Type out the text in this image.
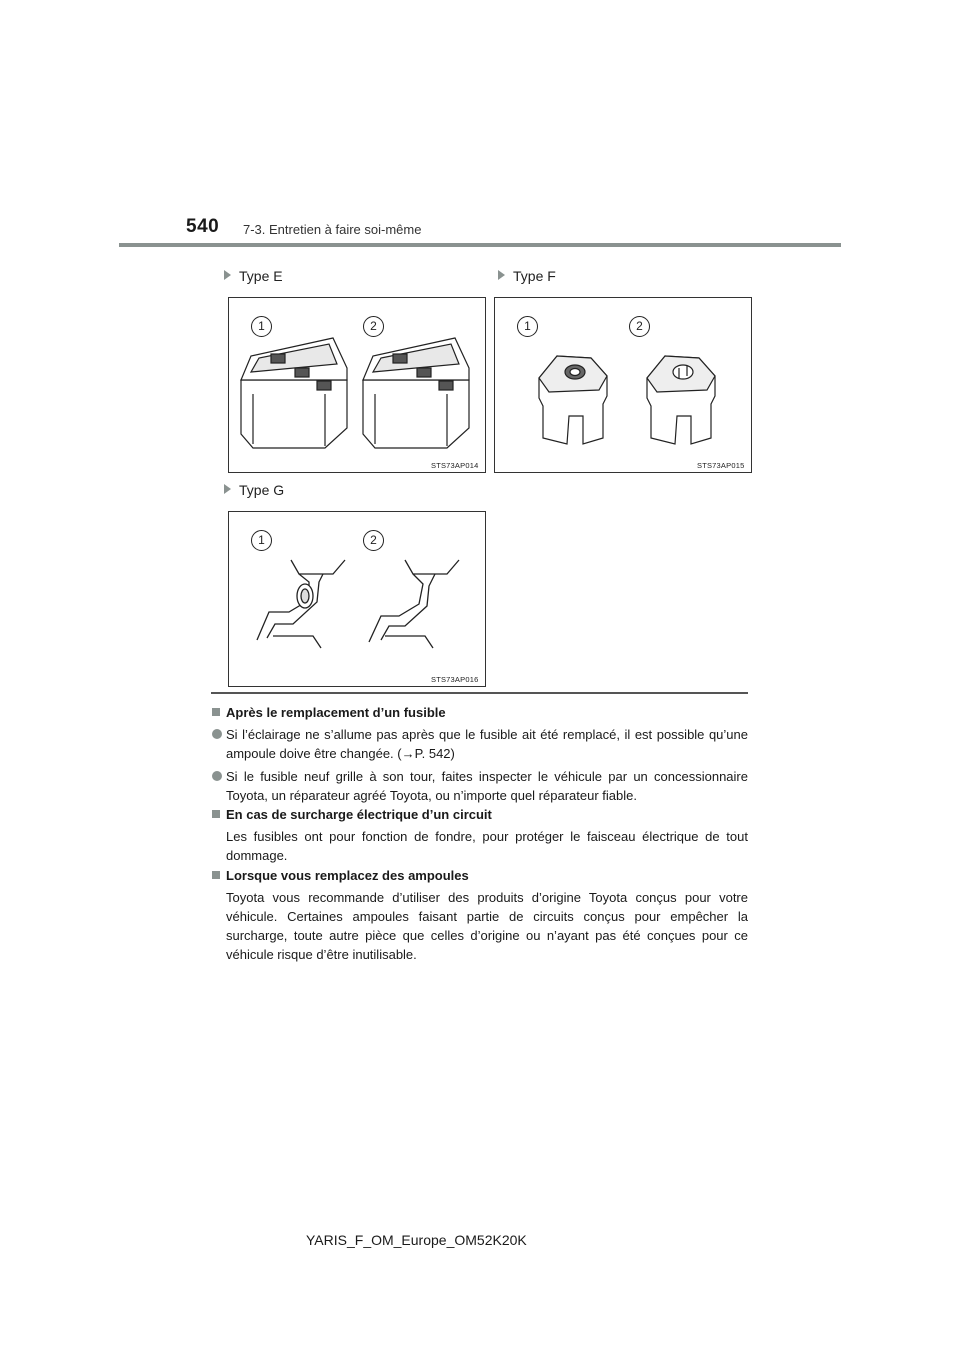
540 7-3. Entretien à faire soi-même
Type E	Type F
Type G
1	2
STS73AP014
1	2
STS73AP015
1	2
STS73AP016
Après le remplacement d’un fusible
Si l’éclairage ne s’allume pas après que le fusible ait été remplacé, il est possible qu’une ampoule doive être changée. (→P. 542)
Si le fusible neuf grille à son tour, faites inspecter le véhicule par un concessionnaire Toyota, un réparateur agréé Toyota, ou n’importe quel réparateur fiable.
En cas de surcharge électrique d’un circuit
Les fusibles ont pour fonction de fondre, pour protéger le faisceau électrique de tout dommage.
Lorsque vous remplacez des ampoules
Toyota vous recommande d’utiliser des produits d’origine Toyota conçus pour votre véhicule. Certaines ampoules faisant partie de circuits conçus pour empêcher la surcharge, toute autre pièce que celles d’origine ou n’ayant pas été conçues pour ce véhicule risque d’être inutilisable.
YARIS_F_OM_Europe_OM52K20K
